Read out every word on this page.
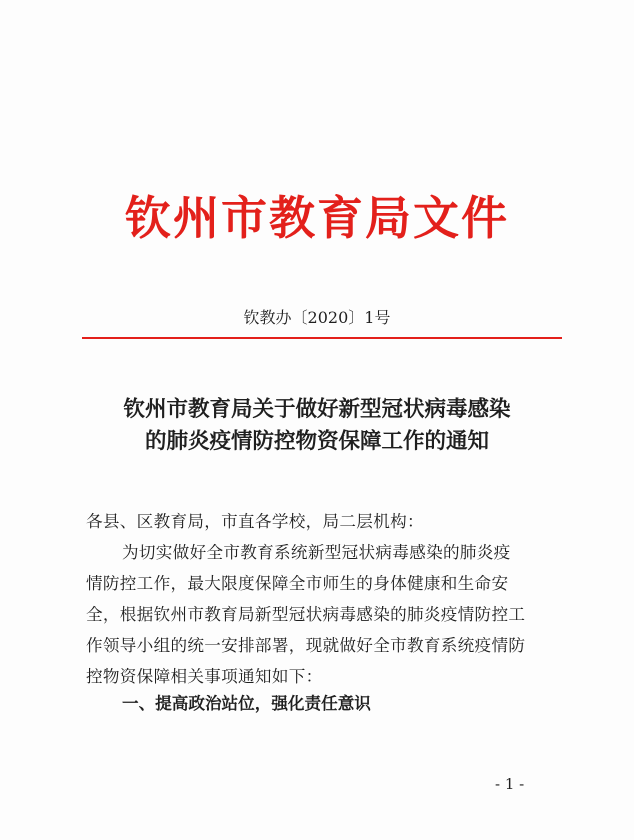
钦州市教育局文件
钦教办〔2020〕1号
钦州市教育局关于做好新型冠状病毒感染
的肺炎疫情防控物资保障工作的通知
各县、区教育局，市直各学校，局二层机构：
为切实做好全市教育系统新型冠状病毒感染的肺炎疫
情防控工作，最大限度保障全市师生的身体健康和生命安
全，根据钦州市教育局新型冠状病毒感染的肺炎疫情防控工
作领导小组的统一安排部署，现就做好全市教育系统疫情防
控物资保障相关事项通知如下：
一、提高政治站位，强化责任意识
- 1 -
